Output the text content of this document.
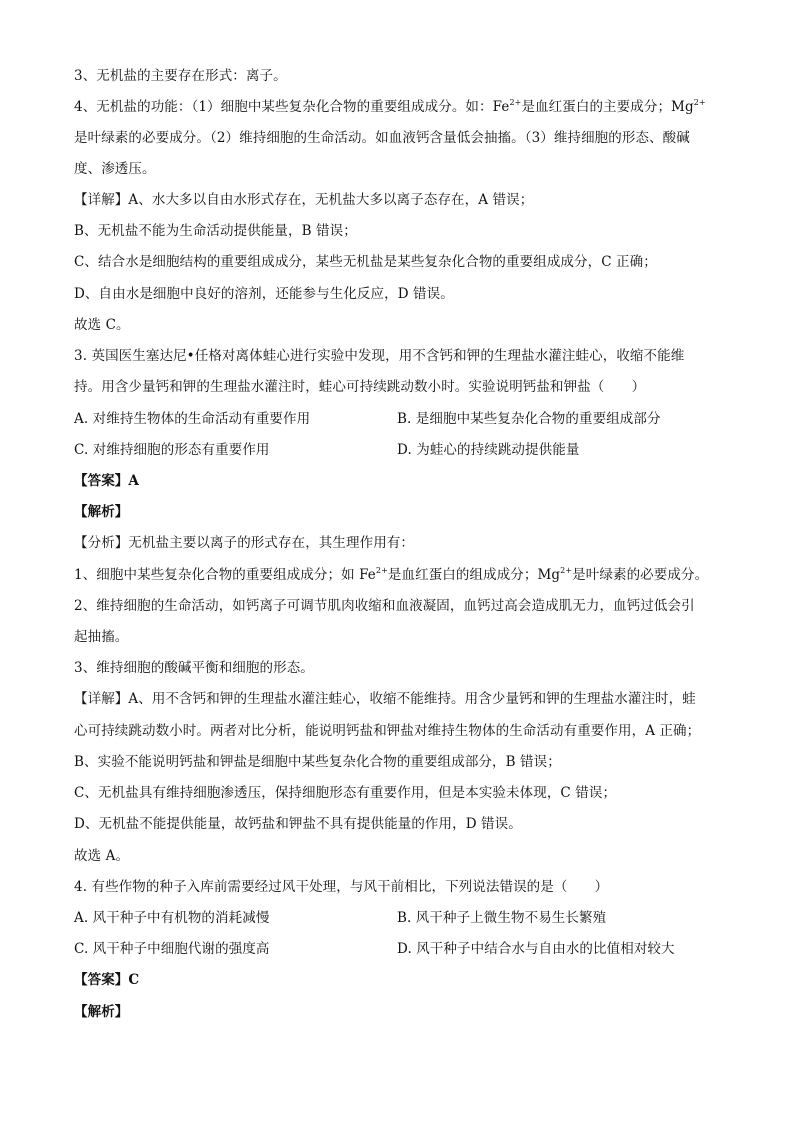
3、无机盐的主要存在形式：离子。
4、无机盐的功能：（1）细胞中某些复杂化合物的重要组成成分。如：$Fe^{2+}$是血红蛋白的主要成分；$Mg^{2+}$
是叶绿素的必要成分。（2）维持细胞的生命活动。如血液钙含量低会抽搐。（3）维持细胞的形态、酸碱
度、渗透压。
【详解】A、水大多以自由水形式存在，无机盐大多以离子态存在，A 错误；
B、无机盐不能为生命活动提供能量，B 错误；
C、结合水是细胞结构的重要组成成分，某些无机盐是某些复杂化合物的重要组成成分，C 正确；
D、自由水是细胞中良好的溶剂，还能参与生化反应，D 错误。
故选 C。
3. 英国医生塞达尼•任格对离体蛙心进行实验中发现，用不含钙和钾的生理盐水灌注蛙心，收缩不能维
持。用含少量钙和钾的生理盐水灌注时，蛙心可持续跳动数小时。实验说明钙盐和钾盐（　　）
A. 对维持生物体的生命活动有重要作用	B. 是细胞中某些复杂化合物的重要组成部分
C. 对维持细胞的形态有重要作用	D. 为蛙心的持续跳动提供能量
【答案】A
【解析】
【分析】无机盐主要以离子的形式存在，其生理作用有：
1、细胞中某些复杂化合物的重要组成成分；如 $Fe^{2+}$是血红蛋白的组成成分；$Mg^{2+}$是叶绿素的必要成分。
2、维持细胞的生命活动，如钙离子可调节肌肉收缩和血液凝固，血钙过高会造成肌无力，血钙过低会引
起抽搐。
3、维持细胞的酸碱平衡和细胞的形态。
【详解】A、用不含钙和钾的生理盐水灌注蛙心，收缩不能维持。用含少量钙和钾的生理盐水灌注时，蛙
心可持续跳动数小时。两者对比分析，能说明钙盐和钾盐对维持生物体的生命活动有重要作用，A 正确；
B、实验不能说明钙盐和钾盐是细胞中某些复杂化合物的重要组成部分，B 错误；
C、无机盐具有维持细胞渗透压，保持细胞形态有重要作用，但是本实验未体现，C 错误；
D、无机盐不能提供能量，故钙盐和钾盐不具有提供能量的作用，D 错误。
故选 A。
4. 有些作物的种子入库前需要经过风干处理，与风干前相比，下列说法错误的是（　　）
A. 风干种子中有机物的消耗减慢	B. 风干种子上微生物不易生长繁殖
C. 风干种子中细胞代谢的强度高	D. 风干种子中结合水与自由水的比值相对较大
【答案】C
【解析】
